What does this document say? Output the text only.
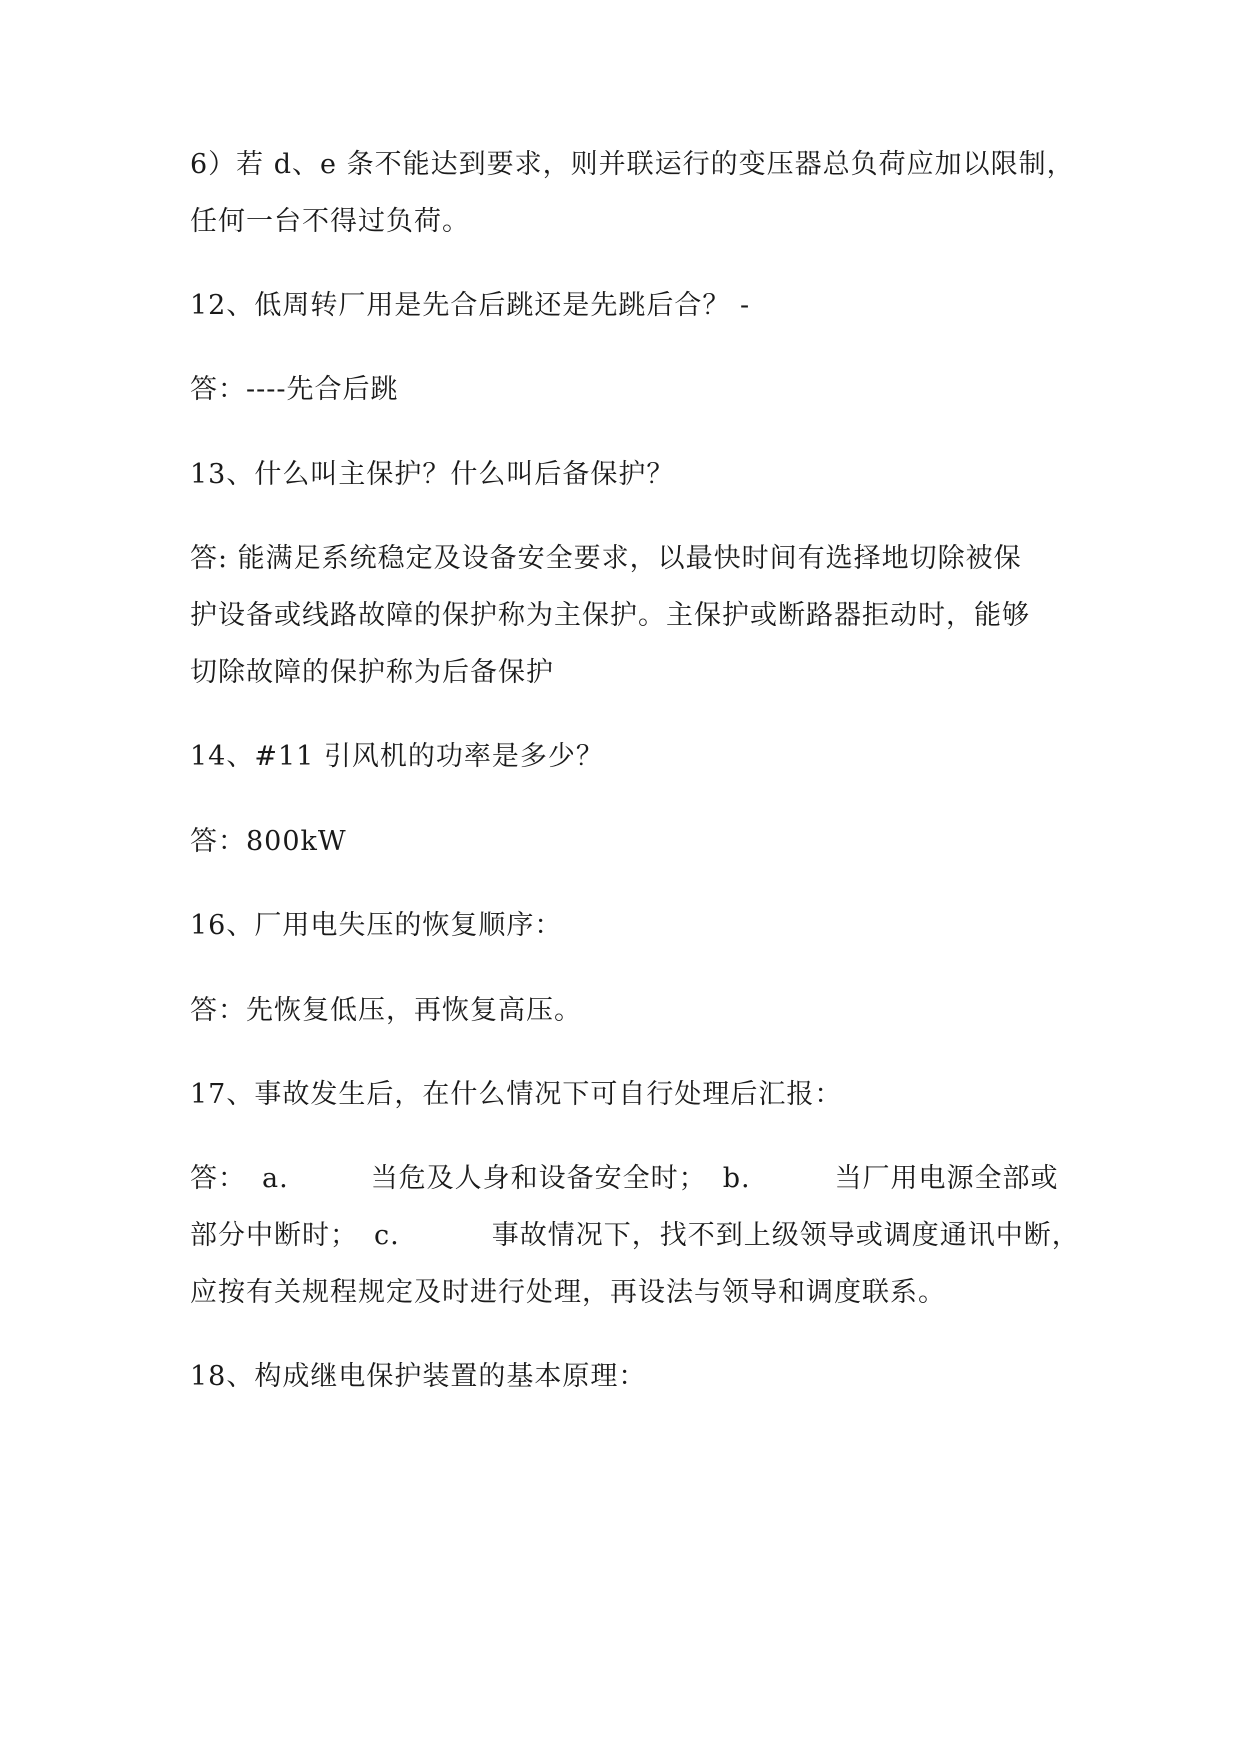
6）若 d、e 条不能达到要求，则并联运行的变压器总负荷应加以限制，
任何一台不得过负荷。
12、低周转厂用是先合后跳还是先跳后合？ -
答：----先合后跳
13、什么叫主保护？什么叫后备保护？
答: 能满足系统稳定及设备安全要求，以最快时间有选择地切除被保
护设备或线路故障的保护称为主保护。主保护或断路器拒动时，能够
切除故障的保护称为后备保护
14、#11 引风机的功率是多少？
答：800kW
16、厂用电失压的恢复顺序：
答：先恢复低压，再恢复高压。
17、事故发生后，在什么情况下可自行处理后汇报：
答： a.	当危及人身和设备安全时； b.	当厂用电源全部或
部分中断时； c.	事故情况下，找不到上级领导或调度通讯中断，
应按有关规程规定及时进行处理，再设法与领导和调度联系。
18、构成继电保护装置的基本原理：
